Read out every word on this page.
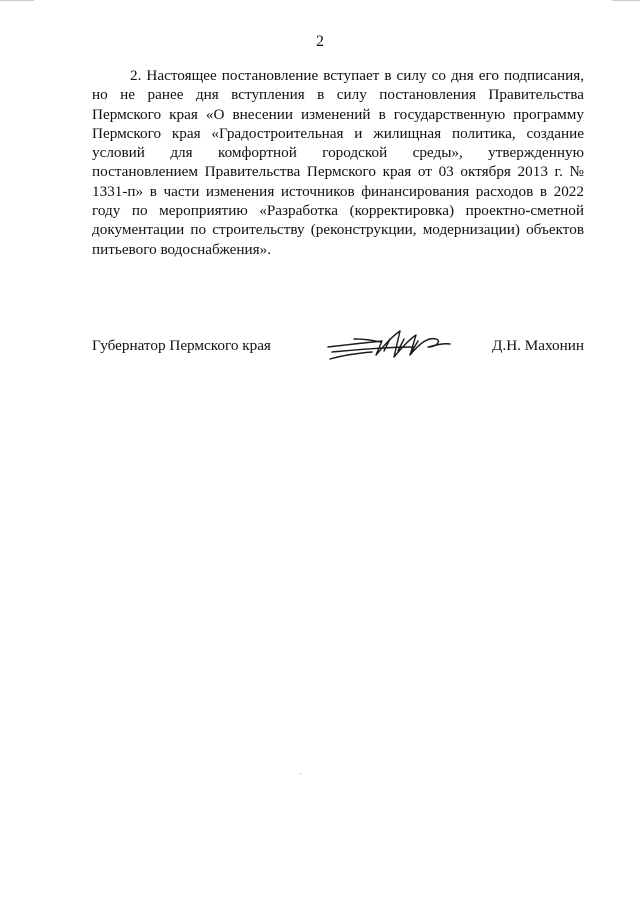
2

2. Настоящее постановление вступает в силу со дня его подписания, но не ранее дня вступления в силу постановления Правительства Пермского края «О внесении изменений в государственную программу Пермского края «Градостроительная и жилищная политика, создание условий для комфортной городской среды», утвержденную постановлением Правительства Пермского края от 03 октября 2013 г. № 1331-п» в части изменения источников финансирования расходов в 2022 году по мероприятию «Разработка (корректировка) проектно-сметной документации по строительству (реконструкции, модернизации) объектов питьевого водоснабжения».

Губернатор Пермского края	Д.Н. Махонин
